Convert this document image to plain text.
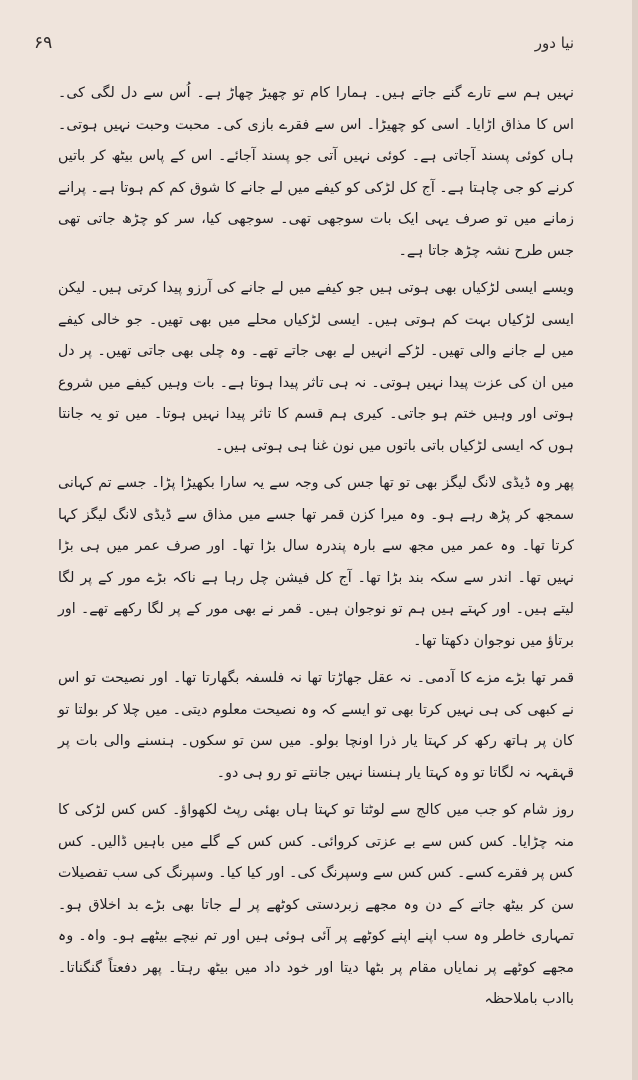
نیا دور
۶۹

نہیں ہم سے تارے گنے جاتے ہیں۔ ہمارا کام تو چھیڑ چھاڑ ہے۔ اُس سے دل لگی کی۔ اس کا مذاق اڑایا۔ اسی کو چھیڑا۔ اس سے فقرے بازی کی۔ محبت وحبت نہیں ہوتی۔ ہاں کوئی پسند آجاتی ہے۔ کوئی نہیں آتی جو پسند آجائے۔ اس کے پاس بیٹھ کر باتیں کرنے کو جی چاہتا ہے۔ آج کل لڑکی کو کیفے میں لے جانے کا شوق کم کم ہوتا ہے۔ پرانے زمانے میں تو صرف یہی ایک بات سوجھی تھی۔ سوجھی کیا، سر کو چڑھ جاتی تھی جس طرح نشہ چڑھ جاتا ہے۔

ویسے ایسی لڑکیاں بھی ہوتی ہیں جو کیفے میں لے جانے کی آرزو پیدا کرتی ہیں۔ لیکن ایسی لڑکیاں بہت کم ہوتی ہیں۔ ایسی لڑکیاں محلے میں بھی تھیں۔ جو خالی کیفے میں لے جانے والی تھیں۔ لڑکے انہیں لے بھی جاتے تھے۔ وہ چلی بھی جاتی تھیں۔ پر دل میں ان کی عزت پیدا نہیں ہوتی۔ نہ ہی تاثر پیدا ہوتا ہے۔ بات وہیں کیفے میں شروع ہوتی اور وہیں ختم ہو جاتی۔ کیری ہم قسم کا تاثر پیدا نہیں ہوتا۔ میں تو یہ جانتا ہوں کہ ایسی لڑکیاں باتی باتوں میں نون غنا ہی ہوتی ہیں۔

پھر وہ ڈیڈی لانگ لیگز بھی تو تھا جس کی وجہ سے یہ سارا بکھیڑا پڑا۔ جسے تم کہانی سمجھ کر پڑھ رہے ہو۔ وہ میرا کزن قمر تھا جسے میں مذاق سے ڈیڈی لانگ لیگز کہا کرتا تھا۔ وہ عمر میں مجھ سے بارہ پندرہ سال بڑا تھا۔ اور صرف عمر میں ہی بڑا نہیں تھا۔ اندر سے سکہ بند بڑا تھا۔ آج کل فیشن چل رہا ہے ناکہ بڑے مور کے پر لگا لیتے ہیں۔ اور کہتے ہیں ہم تو نوجوان ہیں۔ قمر نے بھی مور کے پر لگا رکھے تھے۔ اور برتاؤ میں نوجوان دکھتا تھا۔

قمر تھا بڑے مزے کا آدمی۔ نہ عقل جھاڑتا تھا نہ فلسفہ بگھارتا تھا۔ اور نصیحت تو اس نے کبھی کی ہی نہیں کرتا بھی تو ایسے کہ وہ نصیحت معلوم دیتی۔ میں چلا کر بولتا تو کان پر ہاتھ رکھ کر کہتا یار ذرا اونچا بولو۔ میں سن تو سکوں۔ ہنسنے والی بات پر قہقہہ نہ لگاتا تو وہ کہتا یار ہنسنا نہیں جانتے تو رو ہی دو۔

روز شام کو جب میں کالج سے لوٹتا تو کہتا ہاں بھئی رپٹ لکھواؤ۔ کس کس لڑکی کا منہ چڑایا۔ کس کس سے بے عزتی کروائی۔ کس کس کے گلے میں باہیں ڈالیں۔ کس کس پر فقرے کسے۔ کس کس سے وسپرنگ کی۔ اور کیا کیا۔ وسپرنگ کی سب تفصیلات سن کر بیٹھ جاتے کے دن وہ مجھے زبردستی کوٹھے پر لے جاتا بھی بڑے بد اخلاق ہو۔ تمہاری خاطر وہ سب اپنے اپنے کوٹھے پر آئی ہوئی ہیں اور تم نیچے بیٹھے ہو۔ واہ۔ وہ مجھے کوٹھے پر نمایاں مقام پر بٹھا دیتا اور خود داد میں بیٹھ رہتا۔ پھر دفعتاً گنگناتا۔ باادب باملاحظہ
